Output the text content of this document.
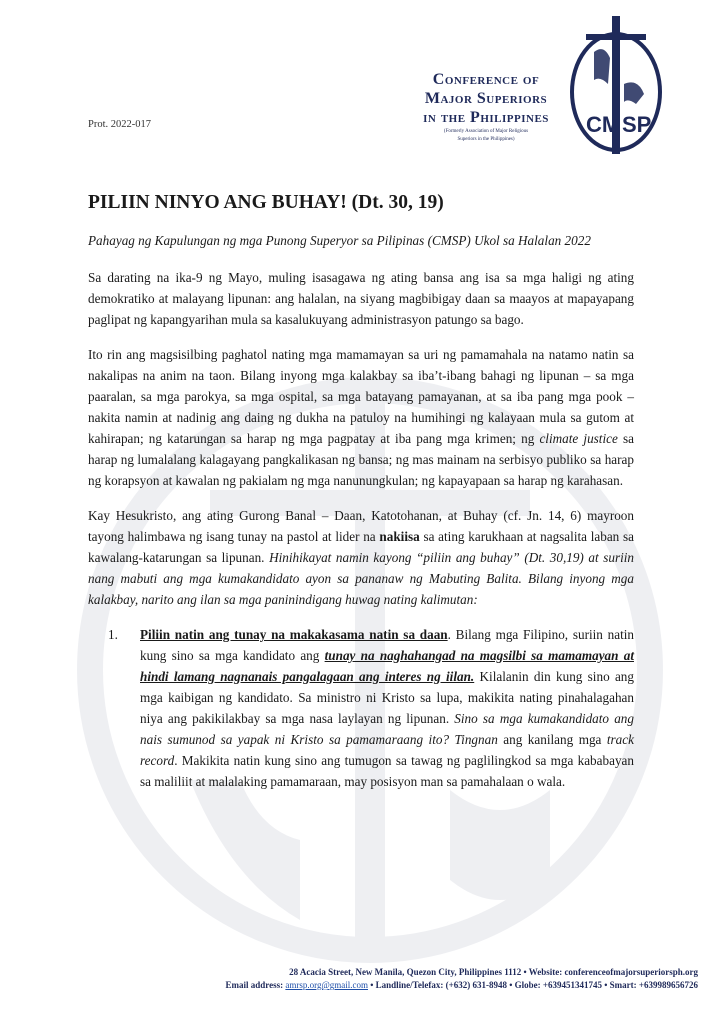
Prot. 2022-017
Conference of
Major Superiors
in the Philippines
(Formerly Association of Major Religious
Superiors in the Philippines)
CM SP
PILIIN NINYO ANG BUHAY! (Dt. 30, 19)
Pahayag ng Kapulungan ng mga Punong Superyor sa Pilipinas (CMSP) Ukol sa Halalan 2022

Sa darating na ika-9 ng Mayo, muling isasagawa ng ating bansa ang isa sa mga haligi ng ating demokratiko at malayang lipunan: ang halalan, na siyang magbibigay daan sa maayos at mapayapang paglipat ng kapangyarihan mula sa kasalukuyang administrasyon patungo sa bago.

Ito rin ang magsisilbing paghatol nating mga mamamayan sa uri ng pamamahala na natamo natin sa nakalipas na anim na taon. Bilang inyong mga kalakbay sa iba’t-ibang bahagi ng lipunan – sa mga paaralan, sa mga parokya, sa mga ospital, sa mga batayang pamayanan, at sa iba pang mga pook – nakita namin at nadinig ang daing ng dukha na patuloy na humihingi ng kalayaan mula sa gutom at kahirapan; ng katarungan sa harap ng mga pagpatay at iba pang mga krimen; ng climate justice sa harap ng lumalalang kalagayang pangkalikasan ng bansa; ng mas mainam na serbisyo publiko sa harap ng korapsyon at kawalan ng pakialam ng mga nanunungkulan; ng kapayapaan sa harap ng karahasan.

Kay Hesukristo, ang ating Gurong Banal – Daan, Katotohanan, at Buhay (cf. Jn. 14, 6) mayroon tayong halimbawa ng isang tunay na pastol at lider na nakiisa sa ating karukhaan at nagsalita laban sa kawalang-katarungan sa lipunan. Hinihikayat namin kayong “piliin ang buhay” (Dt. 30,19) at suriin nang mabuti ang mga kumakandidato ayon sa pananaw ng Mabuting Balita. Bilang inyong mga kalakbay, narito ang ilan sa mga paninindigang huwag nating kalimutan:

1. Piliin natin ang tunay na makakasama natin sa daan. Bilang mga Filipino, suriin natin kung sino sa mga kandidato ang tunay na naghahangad na magsilbi sa mamamayan at hindi lamang nagnanais pangalagaan ang interes ng iilan. Kilalanin din kung sino ang mga kaibigan ng kandidato. Sa ministro ni Kristo sa lupa, makikita nating pinahalagahan niya ang pakikilakbay sa mga nasa laylayan ng lipunan. Sino sa mga kumakandidato ang nais sumunod sa yapak ni Kristo sa pamamaraang ito? Tingnan ang kanilang mga track record. Makikita natin kung sino ang tumugon sa tawag ng paglilingkod sa mga kababayan sa maliliit at malalaking pamamaraan, may posisyon man sa pamahalaan o wala.
28 Acacia Street, New Manila, Quezon City, Philippines 1112 • Website: conferenceofmajorsuperiorsph.org
Email address: amrsp.org@gmail.com • Landline/Telefax: (+632) 631-8948 • Globe: +639451341745 • Smart: +639989656726
